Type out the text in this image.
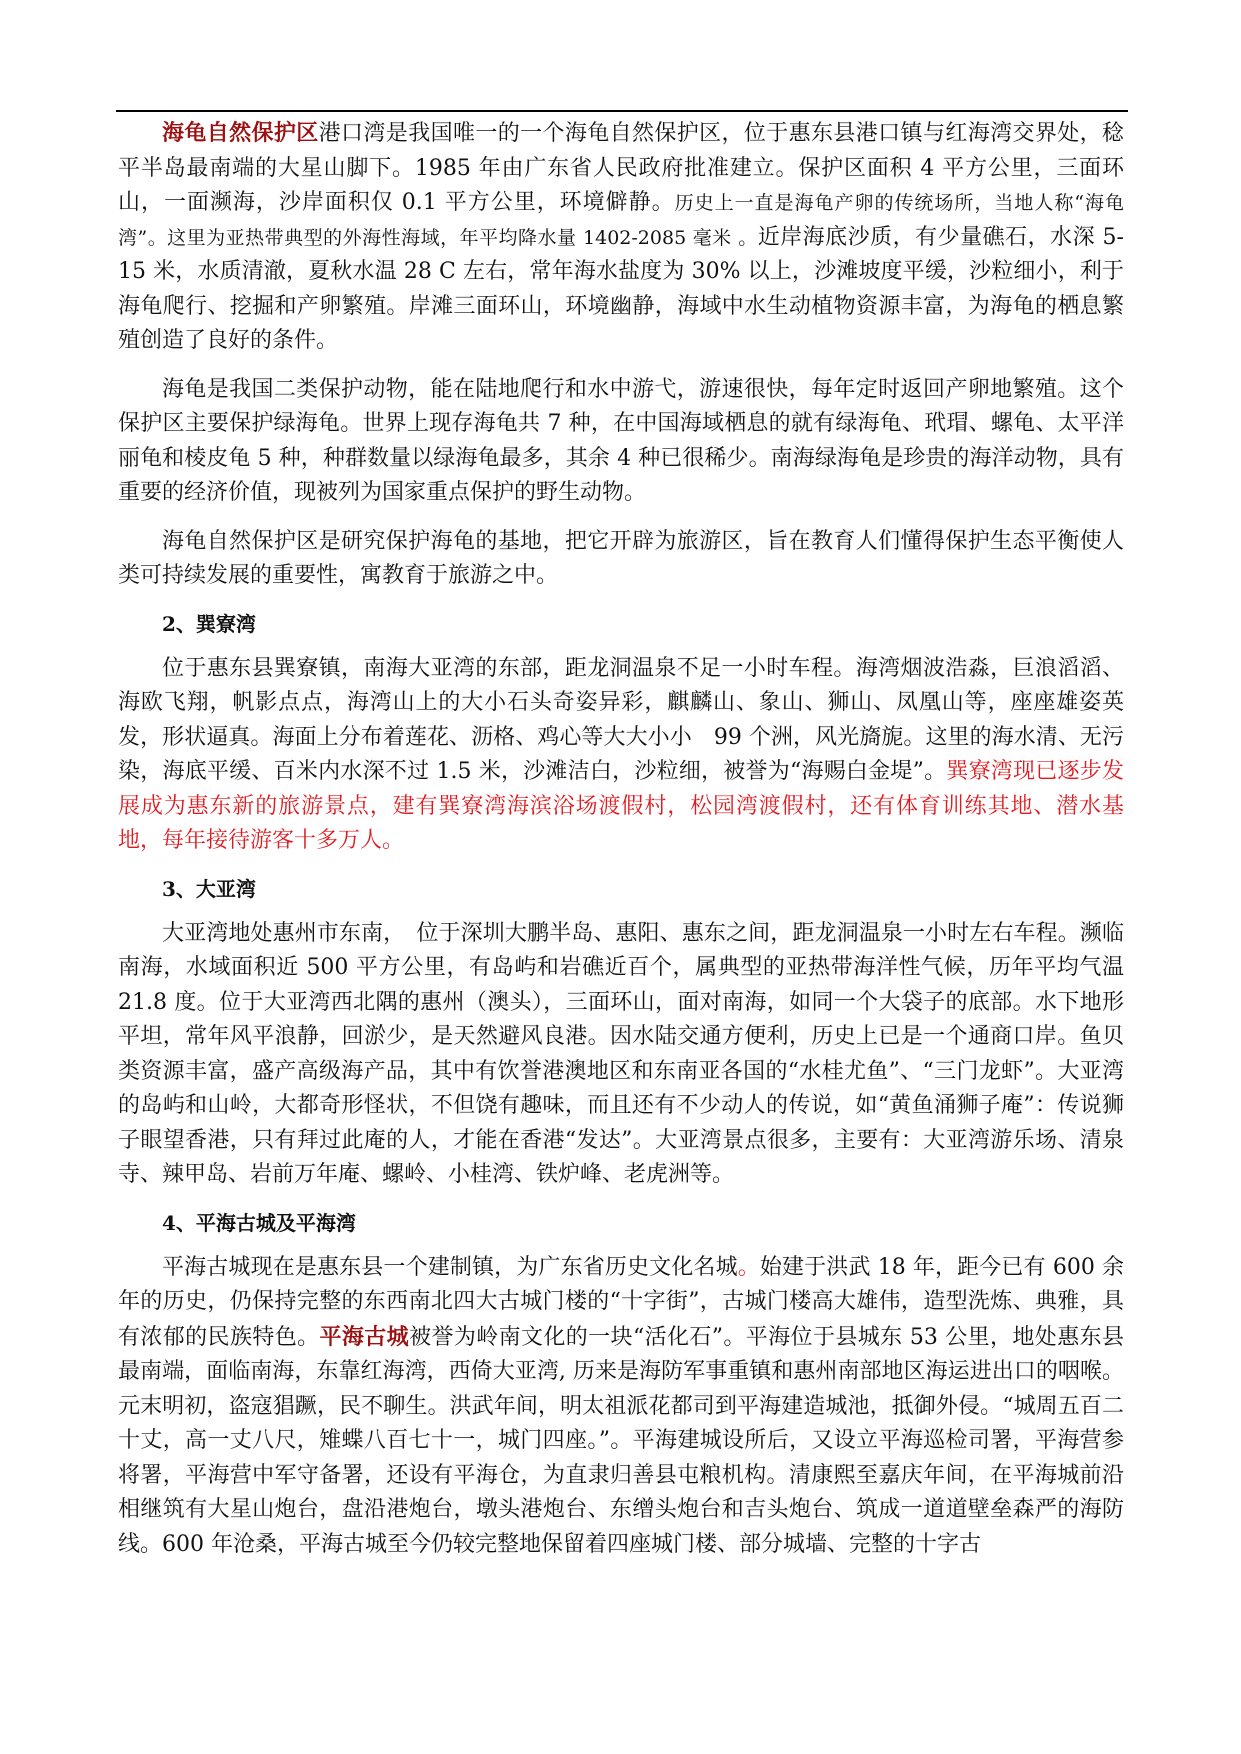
海龟自然保护区港口湾是我国唯一的一个海龟自然保护区，位于惠东县港口镇与红海湾交界处，稔平半岛最南端的大星山脚下。1985 年由广东省人民政府批准建立。保护区面积 4 平方公里，三面环山，一面濒海，沙岸面积仅 0.1 平方公里，环境僻静。历史上一直是海龟产卵的传统场所，当地人称“海龟湾”。这里为亚热带典型的外海性海域，年平均降水量 1402-2085 毫米 。近岸海底沙质，有少量礁石，水深 5-15 米，水质清澈，夏秋水温 28 C 左右，常年海水盐度为 30% 以上，沙滩坡度平缓，沙粒细小，利于海龟爬行、挖掘和产卵繁殖。岸滩三面环山，环境幽静，海域中水生动植物资源丰富，为海龟的栖息繁殖创造了良好的条件。

海龟是我国二类保护动物，能在陆地爬行和水中游弋，游速很快，每年定时返回产卵地繁殖。这个保护区主要保护绿海龟。世界上现存海龟共 7 种，在中国海域栖息的就有绿海龟、玳瑁、螺龟、太平洋丽龟和棱皮龟 5 种，种群数量以绿海龟最多，其余 4 种已很稀少。南海绿海龟是珍贵的海洋动物，具有重要的经济价值，现被列为国家重点保护的野生动物。

海龟自然保护区是研究保护海龟的基地，把它开辟为旅游区，旨在教育人们懂得保护生态平衡使人类可持续发展的重要性，寓教育于旅游之中。

2、巽寮湾

位于惠东县巽寮镇，南海大亚湾的东部，距龙洞温泉不足一小时车程。海湾烟波浩淼，巨浪滔滔、海欧飞翔，帆影点点，海湾山上的大小石头奇姿异彩，麒麟山、象山、狮山、凤凰山等，座座雄姿英发，形状逼真。海面上分布着莲花、沥格、鸡心等大大小小　99 个洲，风光旖旎。这里的海水清、无污染，海底平缓、百米内水深不过 1.5 米，沙滩洁白，沙粒细，被誉为“海赐白金堤”。巽寮湾现已逐步发展成为惠东新的旅游景点，建有巽寮湾海滨浴场渡假村，松园湾渡假村，还有体育训练其地、潜水基地，每年接待游客十多万人。

3、大亚湾

大亚湾地处惠州市东南，　位于深圳大鹏半岛、惠阳、惠东之间，距龙洞温泉一小时左右车程。濒临南海，水域面积近 500 平方公里，有岛屿和岩礁近百个，属典型的亚热带海洋性气候，历年平均气温 21.8 度。位于大亚湾西北隅的惠州（澳头），三面环山，面对南海，如同一个大袋子的底部。水下地形平坦，常年风平浪静，回淤少，是天然避风良港。因水陆交通方便利，历史上已是一个通商口岸。鱼贝类资源丰富，盛产高级海产品，其中有饮誉港澳地区和东南亚各国的“水桂尤鱼”、“三门龙虾”。大亚湾的岛屿和山岭，大都奇形怪状，不但饶有趣味，而且还有不少动人的传说，如“黄鱼涌狮子庵”：传说狮子眼望香港，只有拜过此庵的人，才能在香港“发达”。大亚湾景点很多，主要有：大亚湾游乐场、清泉寺、辣甲岛、岩前万年庵、螺岭、小桂湾、铁炉峰、老虎洲等。

4、平海古城及平海湾

平海古城现在是惠东县一个建制镇，为广东省历史文化名城。始建于洪武 18 年，距今已有 600 余年的历史，仍保持完整的东西南北四大古城门楼的“十字街”，古城门楼高大雄伟，造型洗炼、典雅，具有浓郁的民族特色。平海古城被誉为岭南文化的一块“活化石”。平海位于县城东 53 公里，地处惠东县最南端，面临南海，东靠红海湾，西倚大亚湾, 历来是海防军事重镇和惠州南部地区海运进出口的咽喉。元末明初，盗寇猖蹶，民不聊生。洪武年间，明太祖派花都司到平海建造城池，抵御外侵。“城周五百二十丈，高一丈八尺，雉蝶八百七十一，城门四座。”。平海建城设所后，又设立平海巡检司署，平海营参将署，平海营中军守备署，还设有平海仓，为直隶归善县屯粮机构。清康熙至嘉庆年间，在平海城前沿相继筑有大星山炮台，盘沿港炮台，墩头港炮台、东缯头炮台和吉头炮台、筑成一道道壁垒森严的海防线。600 年沧桑，平海古城至今仍较完整地保留着四座城门楼、部分城墙、完整的十字古
